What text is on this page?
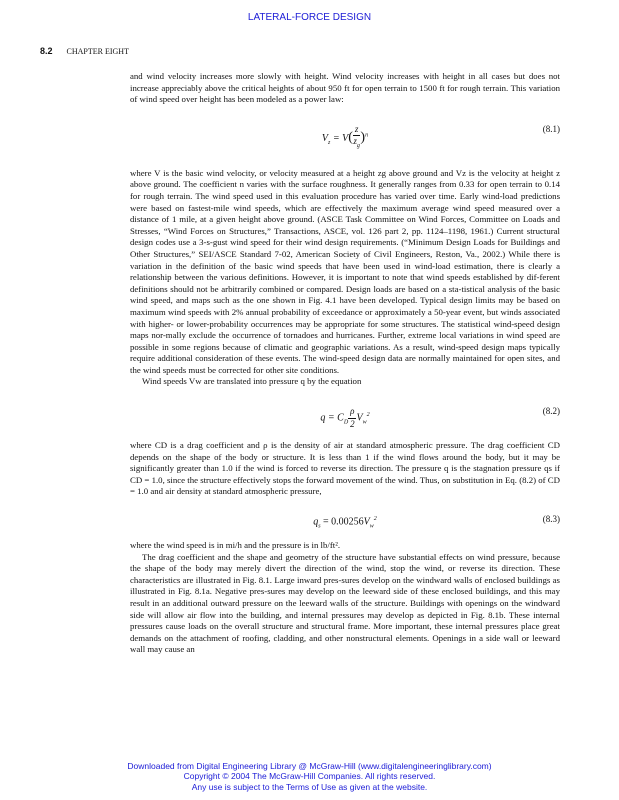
LATERAL-FORCE DESIGN
8.2 CHAPTER EIGHT

and wind velocity increases more slowly with height. Wind velocity increases with height in all cases but does not increase appreciably above the critical heights of about 950 ft for open terrain to 1500 ft for rough terrain. This variation of wind speed over height has been modeled as a power law:

$V_z = V( \frac{z}{z_g} )^n$
(8.1)

where V is the basic wind velocity, or velocity measured at a height zg above ground and Vz is the velocity at height z above ground. The coefficient n varies with the surface roughness. It generally ranges from 0.33 for open terrain to 0.14 for rough terrain. The wind speed used in this evaluation procedure has varied over time. Early wind-load predictions were based on fastest-mile wind speeds, which are effectively the maximum average wind speed measured over a distance of 1 mile, at a given height above ground. (ASCE Task Committee on Wind Forces, Committee on Loads and Stresses, “Wind Forces on Structures,” Transactions, ASCE, vol. 126 part 2, pp. 1124–1198, 1961.) Current structural design codes use a 3-s-gust wind speed for their wind design requirements. (“Minimum Design Loads for Buildings and Other Structures,” SEI/ASCE Standard 7-02, American Society of Civil Engineers, Reston, Va., 2002.) While there is variation in the definition of the basic wind speeds that have been used in wind-load estimation, there is clearly a relationship between the various definitions. However, it is important to note that wind speeds established by dif-ferent definitions should not be arbitrarily combined or compared. Design loads are based on a sta-tistical analysis of the basic wind speed, and maps such as the one shown in Fig. 4.1 have been developed. Typical design limits may be based on maximum wind speeds with 2% annual probability of exceedance or approximately a 50-year event, but winds associated with higher- or lower-probability occurrences may be appropriate for some structures. The statistical wind-speed design maps nor-mally exclude the occurrence of tornadoes and hurricanes. Further, extreme local variations in wind speed are possible in some regions because of climatic and geographic variations. As a result, wind-speed design maps typically require additional consideration of these events. The wind-speed design data are normally maintained for open sites, and the wind speeds must be corrected for other site conditions.

Wind speeds Vw are translated into pressure q by the equation

$q = C_D \frac{\rho}{2} V_w^2$	(8.2)

where CD is a drag coefficient and ρ is the density of air at standard atmospheric pressure. The drag coefficient CD depends on the shape of the body or structure. It is less than 1 if the wind flows around the body, but it may be significantly greater than 1.0 if the wind is forced to reverse its direction. The pressure q is the stagnation pressure qs if CD = 1.0, since the structure effectively stops the forward movement of the wind. Thus, on substitution in Eq. (8.2) of CD = 1.0 and air density at standard atmospheric pressure,

$q_s = 0.00256V_w^2$	(8.3)

where the wind speed is in mi/h and the pressure is in lb/ft².

The drag coefficient and the shape and geometry of the structure have substantial effects on wind pressure, because the shape of the body may merely divert the direction of the wind, stop the wind, or reverse its direction. These characteristics are illustrated in Fig. 8.1. Large inward pres-sures develop on the windward walls of enclosed buildings as illustrated in Fig. 8.1a. Negative pres-sures may develop on the leeward side of these enclosed buildings, and this may result in an additional outward pressure on the leeward walls of the structure. Buildings with openings on the windward side will allow air flow into the building, and internal pressures may develop as depicted in Fig. 8.1b. These internal pressures cause loads on the overall structure and structural frame. More important, these internal pressures place great demands on the attachment of roofing, cladding, and other nonstructural elements. Openings in a side wall or leeward wall may cause an

Downloaded from Digital Engineering Library @ McGraw-Hill (www.digitalengineeringlibrary.com)
Copyright © 2004 The McGraw-Hill Companies. All rights reserved.
Any use is subject to the Terms of Use as given at the website.
